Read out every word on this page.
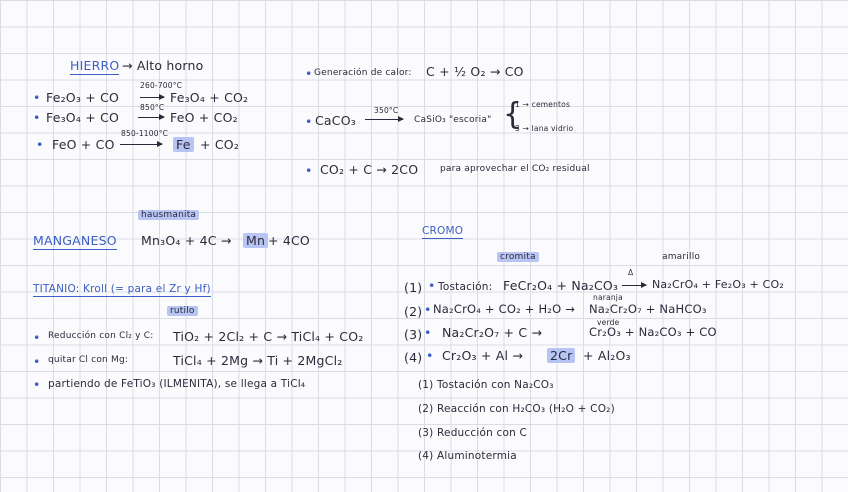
HIERRO → Alto horno
• Fe₂O₃ + CO
260-700°C
Fe₃O₄ + CO₂
• Fe₃O₄ + CO
850°C
FeO + CO₂
• FeO + CO
850-1100°C
Fe + CO₂
• Generación de calor: C + ½ O₂ → CO
• CaCO₃
350°C
CaSiO₃ "escoria" {
1 → cementos
3 → lana vidrio
• CO₂ + C → 2CO para aprovechar el CO₂ residual
hausmanita
MANGANESO Mn₃O₄ + 4C → Mn + 4CO
TITANIO: Kroll (= para el Zr y Hf)
rutilo
• Reducción con Cl₂ y C: TiO₂ + 2Cl₂ + C → TiCl₄ + CO₂
• quitar Cl con Mg:	TiCl₄ + 2Mg → Ti + 2MgCl₂
• partiendo de FeTiO₃ (ILMENITA), se llega a TiCl₄
CROMO
cromita	amarillo
Δ
(1) • Tostación: FeCr₂O₄ + Na₂CO₃	Na₂CrO₄ + Fe₂O₃ + CO₂
naranja
(2) • Na₂CrO₄ + CO₂ + H₂O → Na₂Cr₂O₇ + NaHCO₃
verde
(3) • Na₂Cr₂O₇ + C →	Cr₂O₃ + Na₂CO₃ + CO
(4) • Cr₂O₃ + Al → 2Cr + Al₂O₃
(1) Tostación con Na₂CO₃
(2) Reacción con H₂CO₃ (H₂O + CO₂)
(3) Reducción con C
(4) Aluminotermia
